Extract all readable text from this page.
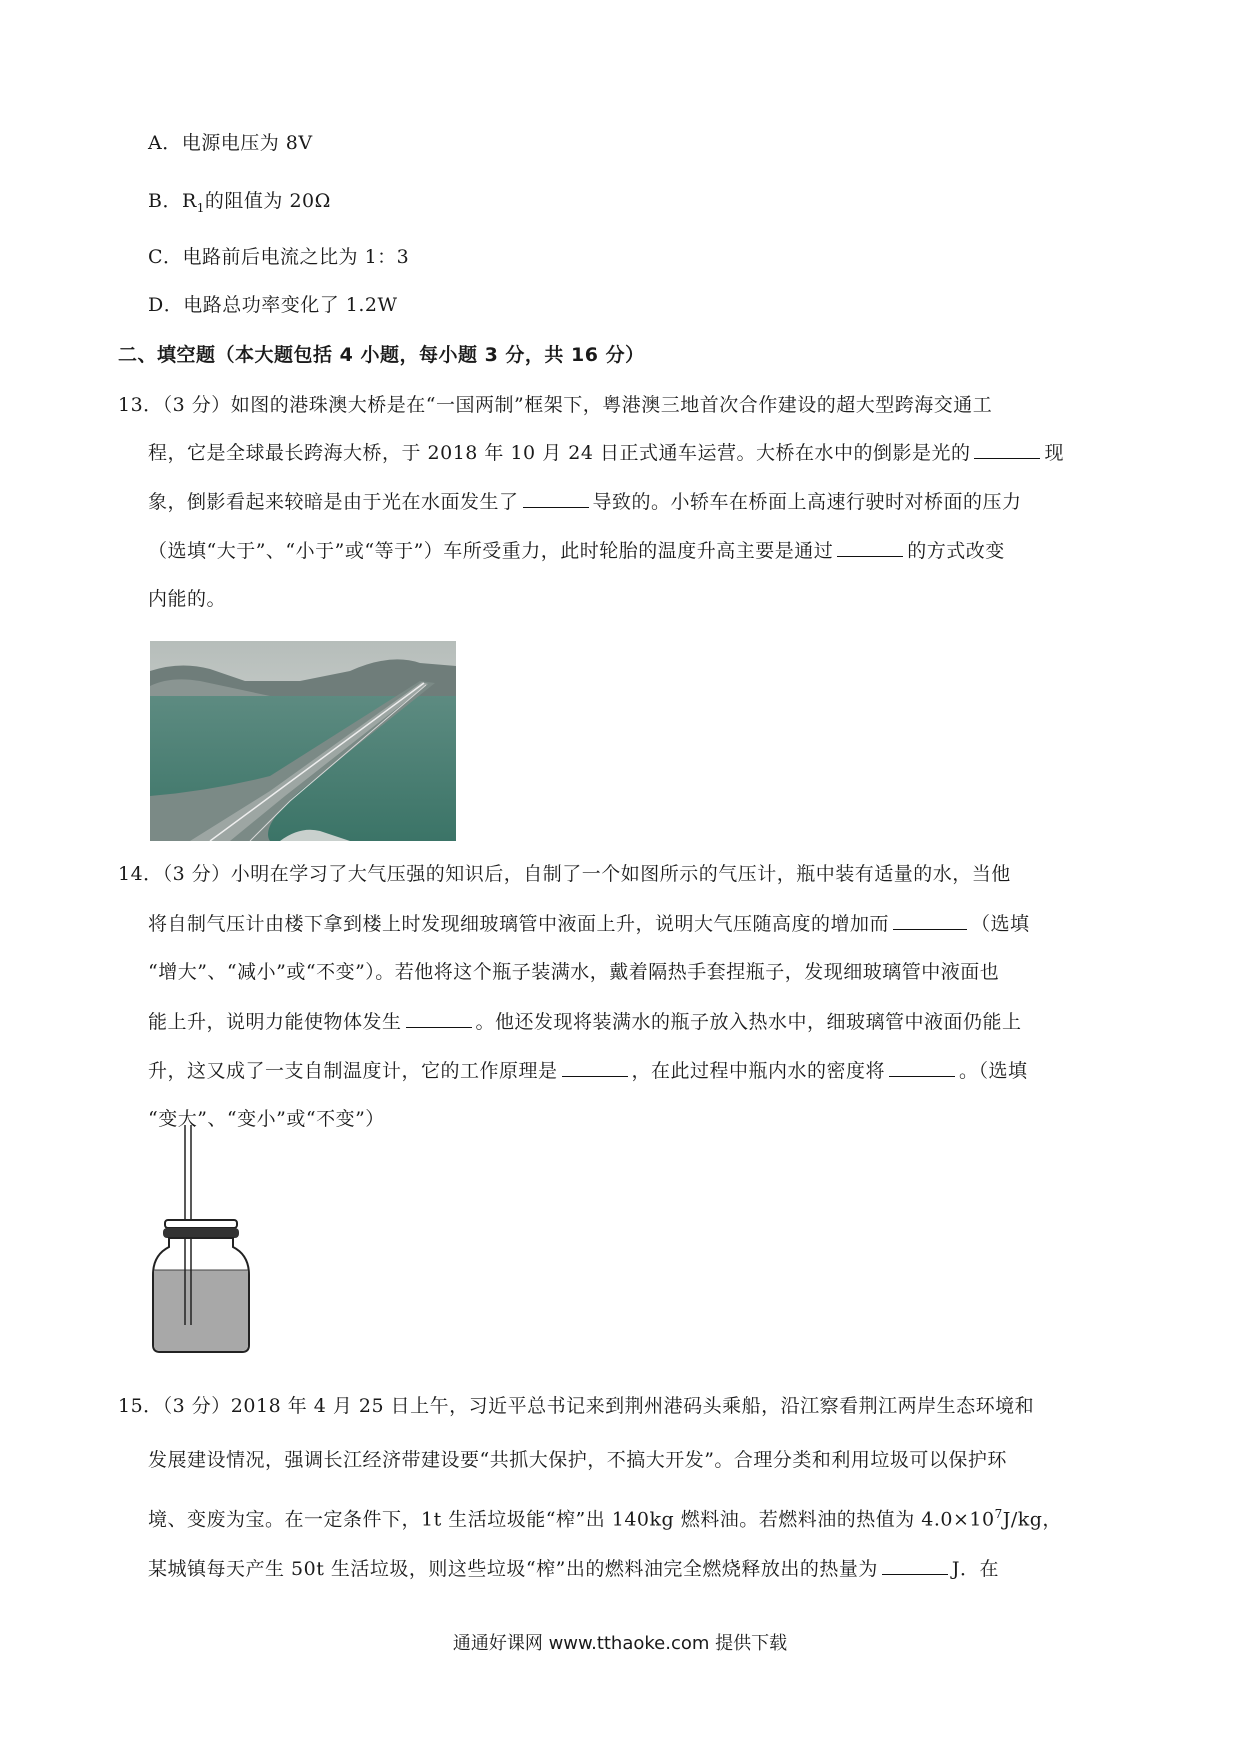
A．电源电压为 8V
B．$R_1$的阻值为 20Ω
C．电路前后电流之比为 1：3
D．电路总功率变化了 1.2W
二、填空题（本大题包括 4 小题，每小题 3 分，共 16 分）
13．（3 分）如图的港珠澳大桥是在“一国两制”框架下，粤港澳三地首次合作建设的超大型跨海交通工
程，它是全球最长跨海大桥，于 2018 年 10 月 24 日正式通车运营。大桥在水中的倒影是光的	现
象，倒影看起来较暗是由于光在水面发生了	导致的。小轿车在桥面上高速行驶时对桥面的压力
（选填“大于”、“小于”或“等于”）车所受重力，此时轮胎的温度升高主要是通过	的方式改变
内能的。
14．（3 分）小明在学习了大气压强的知识后，自制了一个如图所示的气压计，瓶中装有适量的水，当他
将自制气压计由楼下拿到楼上时发现细玻璃管中液面上升，说明大气压随高度的增加而	（选填
“增大”、“减小”或“不变”）。若他将这个瓶子装满水，戴着隔热手套捏瓶子，发现细玻璃管中液面也
能上升，说明力能使物体发生	。他还发现将装满水的瓶子放入热水中，细玻璃管中液面仍能上
升，这又成了一支自制温度计，它的工作原理是	，在此过程中瓶内水的密度将	。（选填
“变大”、“变小”或“不变”）
15．（3 分）2018 年 4 月 25 日上午，习近平总书记来到荆州港码头乘船，沿江察看荆江两岸生态环境和
发展建设情况，强调长江经济带建设要“共抓大保护，不搞大开发”。合理分类和利用垃圾可以保护环
境、变废为宝。在一定条件下，1t 生活垃圾能“榨”出 140kg 燃料油。若燃料油的热值为 $4.0\times 10^7J/kg$，
某城镇每天产生 50t 生活垃圾，则这些垃圾“榨”出的燃料油完全燃烧释放出的热量为	J．在
通通好课网 www.tthaoke.com 提供下载
